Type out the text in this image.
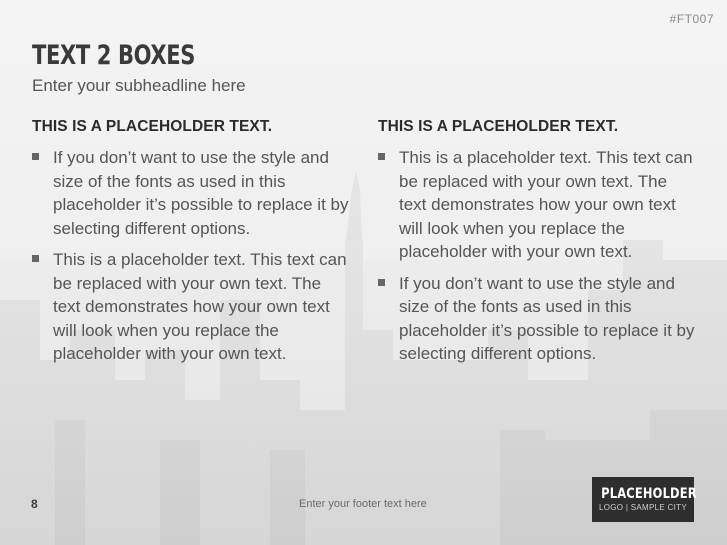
#FT007
TEXT 2 BOXES
Enter your subheadline here
THIS IS A PLACEHOLDER TEXT.
If you don’t want to use the style and size of the fonts as used in this placeholder it’s possible to replace it by selecting different options.
This is a placeholder text. This text can be replaced with your own text. The text demonstrates how your own text will look when you replace the placeholder with your own text.
THIS IS A PLACEHOLDER TEXT.
This is a placeholder text. This text can be replaced with your own text. The text demonstrates how your own text will look when you replace the placeholder with your own text.
If you don’t want to use the style and size of the fonts as used in this placeholder it’s possible to replace it by selecting different options.
8	Enter your footer text here
PLACEHOLDER
LOGO | SAMPLE CITY
